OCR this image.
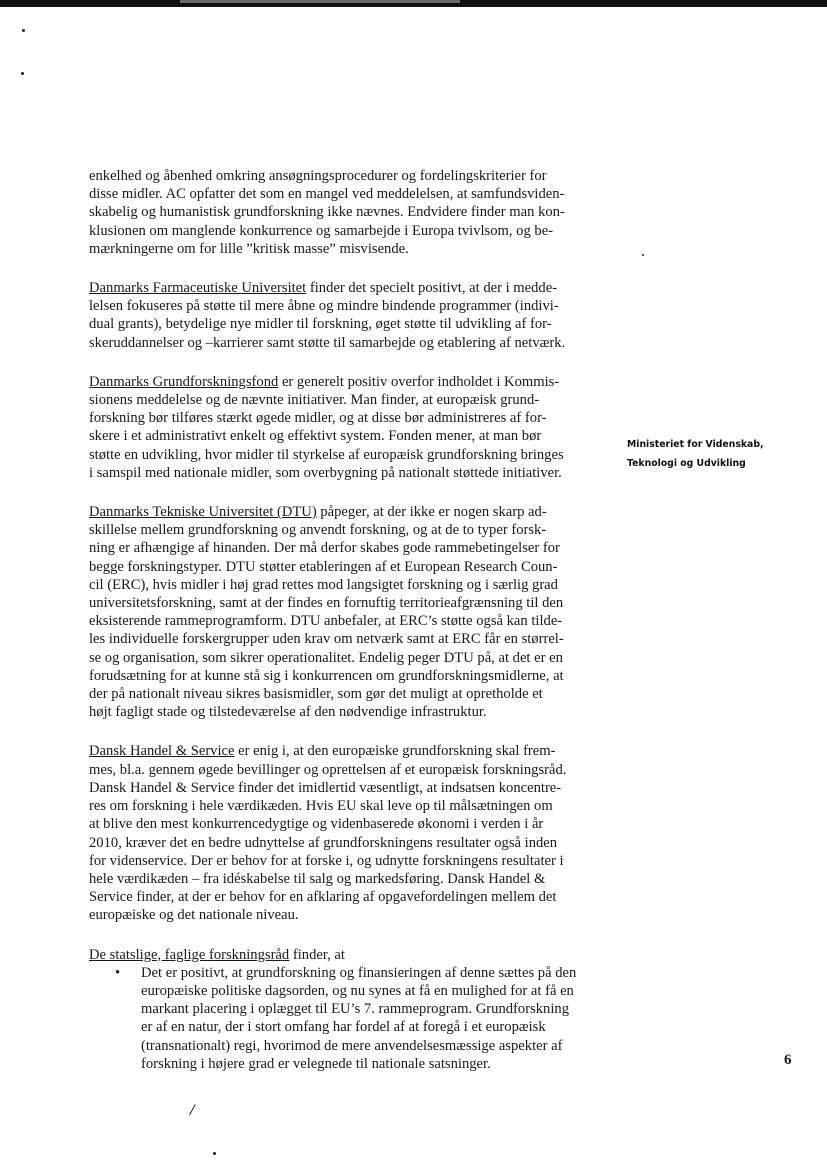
enkelhed og åbenhed omkring ansøgningsprocedurer og fordelingskriterier for
disse midler. AC opfatter det som en mangel ved meddelelsen, at samfundsviden-
skabelig og humanistisk grundforskning ikke nævnes. Endvidere finder man kon-
klusionen om manglende konkurrence og samarbejde i Europa tvivlsom, og be-
mærkningerne om for lille ”kritisk masse” misvisende.

Danmarks Farmaceutiske Universitet finder det specielt positivt, at der i medde-
lelsen fokuseres på støtte til mere åbne og mindre bindende programmer (indivi-
dual grants), betydelige nye midler til forskning, øget støtte til udvikling af for-
skeruddannelser og –karrierer samt støtte til samarbejde og etablering af netværk.

Danmarks Grundforskningsfond er generelt positiv overfor indholdet i Kommis-
sionens meddelelse og de nævnte initiativer. Man finder, at europæisk grund-
forskning bør tilføres stærkt øgede midler, og at disse bør administreres af for-
skere i et administrativt enkelt og effektivt system. Fonden mener, at man bør
støtte en udvikling, hvor midler til styrkelse af europæisk grundforskning bringes
i samspil med nationale midler, som overbygning på nationalt støttede initiativer.

Danmarks Tekniske Universitet (DTU) påpeger, at der ikke er nogen skarp ad-
skillelse mellem grundforskning og anvendt forskning, og at de to typer forsk-
ning er afhængige af hinanden. Der må derfor skabes gode rammebetingelser for
begge forskningstyper. DTU støtter etableringen af et European Research Coun-
cil (ERC), hvis midler i høj grad rettes mod langsigtet forskning og i særlig grad
universitetsforskning, samt at der findes en fornuftig territorieafgrænsning til den
eksisterende rammeprogramform. DTU anbefaler, at ERC’s støtte også kan tilde-
les individuelle forskergrupper uden krav om netværk samt at ERC får en størrel-
se og organisation, som sikrer operationalitet. Endelig peger DTU på, at det er en
forudsætning for at kunne stå sig i konkurrencen om grundforskningsmidlerne, at
der på nationalt niveau sikres basismidler, som gør det muligt at opretholde et
højt fagligt stade og tilstedeværelse af den nødvendige infrastruktur.

Dansk Handel & Service er enig i, at den europæiske grundforskning skal frem-
mes, bl.a. gennem øgede bevillinger og oprettelsen af et europæisk forskningsråd.
Dansk Handel & Service finder det imidlertid væsentligt, at indsatsen koncentre-
res om forskning i hele værdikæden. Hvis EU skal leve op til målsætningen om
at blive den mest konkurrencedygtige og videnbaserede økonomi i verden i år
2010, kræver det en bedre udnyttelse af grundforskningens resultater også inden
for videnservice. Der er behov for at forske i, og udnytte forskningens resultater i
hele værdikæden – fra idéskabelse til salg og markedsføring. Dansk Handel &
Service finder, at der er behov for en afklaring af opgavefordelingen mellem det
europæiske og det nationale niveau.

De statslige, faglige forskningsråd finder, at

• Det er positivt, at grundforskning og finansieringen af denne sættes på den
europæiske politiske dagsorden, og nu synes at få en mulighed for at få en
markant placering i oplægget til EU’s 7. rammeprogram. Grundforskning
er af en natur, der i stort omfang har fordel af at foregå i et europæisk
(transnationalt) regi, hvorimod de mere anvendelsesmæssige aspekter af
forskning i højere grad er velegnede til nationale satsninger.
Ministeriet for Videnskab,
Teknologi og Udvikling
6
/
